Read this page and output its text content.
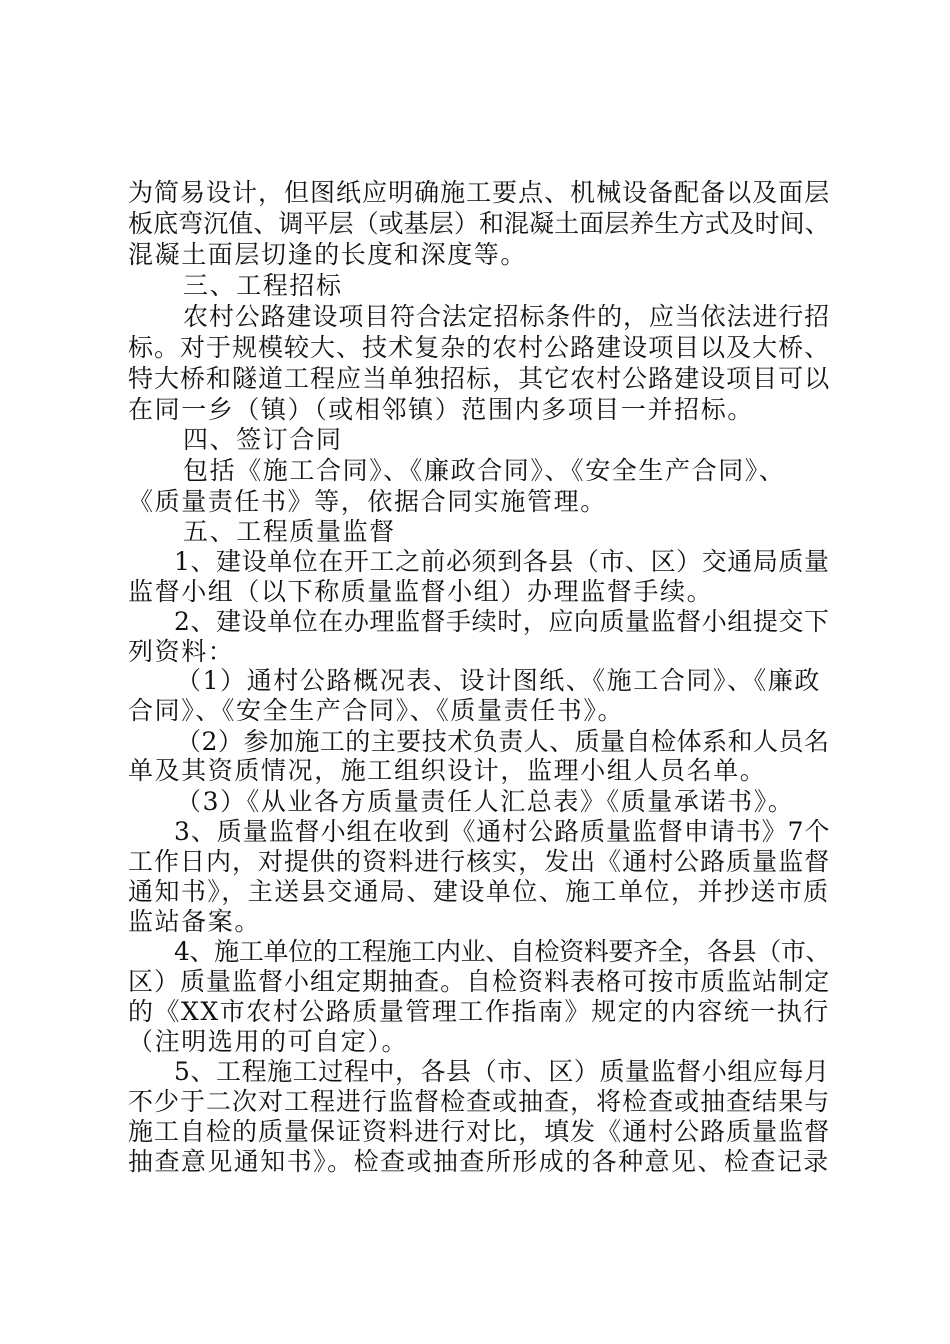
为简易设计，但图纸应明确施工要点、机械设备配备以及面层
板底弯沉值、调平层（或基层）和混凝土面层养生方式及时间、
混凝土面层切逢的长度和深度等。
三、工程招标
农村公路建设项目符合法定招标条件的，应当依法进行招
标。对于规模较大、技术复杂的农村公路建设项目以及大桥、
特大桥和隧道工程应当单独招标，其它农村公路建设项目可以
在同一乡（镇）（或相邻镇）范围内多项目一并招标。
四、签订合同
包括《施工合同》、《廉政合同》、《安全生产合同》、
《质量责任书》等，依据合同实施管理。
五、工程质量监督
1、建设单位在开工之前必须到各县（市、区）交通局质量
监督小组（以下称质量监督小组）办理监督手续。
2、建设单位在办理监督手续时，应向质量监督小组提交下
列资料：
（1）通村公路概况表、设计图纸、《施工合同》、《廉政
合同》、《安全生产合同》、《质量责任书》。
（2）参加施工的主要技术负责人、质量自检体系和人员名
单及其资质情况，施工组织设计，监理小组人员名单。
（3）《从业各方质量责任人汇总表》《质量承诺书》。
3、质量监督小组在收到《通村公路质量监督申请书》7个
工作日内，对提供的资料进行核实，发出《通村公路质量监督
通知书》，主送县交通局、建设单位、施工单位，并抄送市质
监站备案。
4、施工单位的工程施工内业、自检资料要齐全，各县（市、
区）质量监督小组定期抽查。自检资料表格可按市质监站制定
的《XX市农村公路质量管理工作指南》规定的内容统一执行
（注明选用的可自定）。
5、工程施工过程中，各县（市、区）质量监督小组应每月
不少于二次对工程进行监督检查或抽查，将检查或抽查结果与
施工自检的质量保证资料进行对比，填发《通村公路质量监督
抽查意见通知书》。检查或抽查所形成的各种意见、检查记录
